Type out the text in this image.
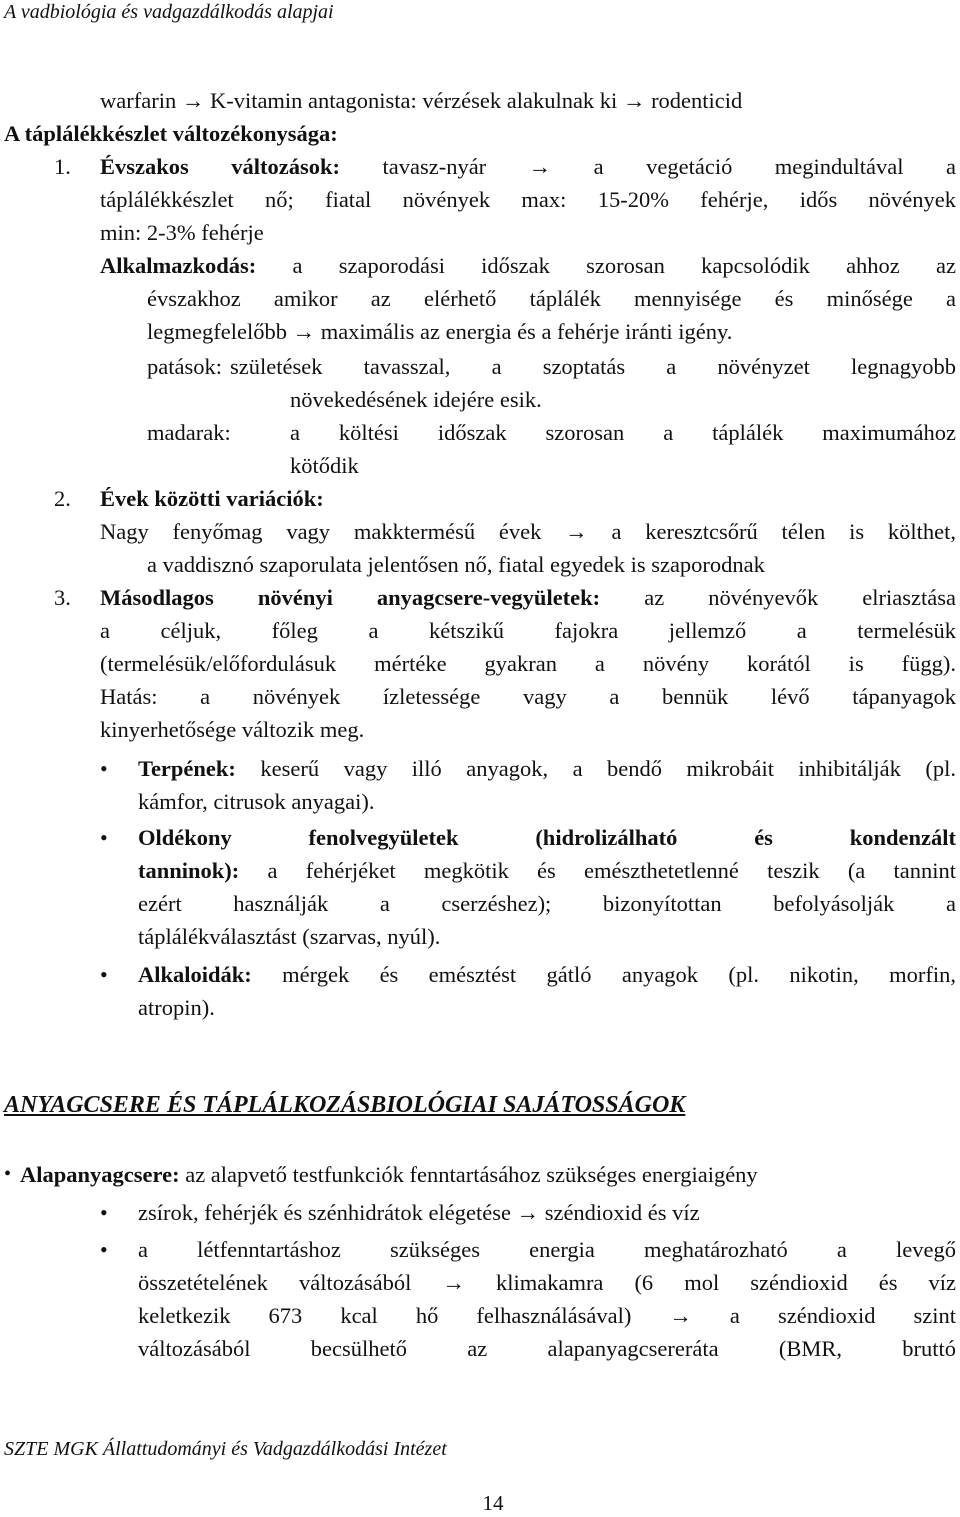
A vadbiológia és vadgazdálkodás alapjai
warfarin → K-vitamin antagonista: vérzések alakulnak ki → rodenticid
A táplálékkészlet változékonysága:
1. Évszakos változások: tavasz-nyár → a vegetáció megindultával a
táplálékkészlet nő; fiatal növények max: 15-20% fehérje, idős növények
min: 2-3% fehérje
Alkalmazkodás: a szaporodási időszak szorosan kapcsolódik ahhoz az
évszakhoz amikor az elérhető táplálék mennyisége és minősége a
legmegfelelőbb → maximális az energia és a fehérje iránti igény.
patások: születések tavasszal, a szoptatás a növényzet legnagyobb
növekedésének idejére esik.
madarak:	a költési időszak szorosan a táplálék maximumához
kötődik
2. Évek közötti variációk:
Nagy fenyőmag vagy makktermésű évek → a keresztcsőrű télen is költhet,
a vaddisznó szaporulata jelentősen nő, fiatal egyedek is szaporodnak
3. Másodlagos növényi anyagcsere-vegyületek: az növényevők elriasztása
a céljuk, főleg a kétszikű fajokra jellemző a termelésük
(termelésük/előfordulásuk mértéke gyakran a növény korától is függ).
Hatás: a növények ízletessége vagy a bennük lévő tápanyagok
kinyerhetősége változik meg.
• Terpének: keserű vagy illó anyagok, a bendő mikrobáit inhibitálják (pl.
kámfor, citrusok anyagai).
• Oldékony fenolvegyületek (hidrolizálható és kondenzált
tanninok): a fehérjéket megkötik és emészthetetlenné teszik (a tannint
ezért használják a cserzéshez); bizonyítottan befolyásolják a
táplálékválasztást (szarvas, nyúl).
• Alkaloidák: mérgek és emésztést gátló anyagok (pl. nikotin, morfin,
atropin).
ANYAGCSERE ÉS TÁPLÁLKOZÁSBIOLÓGIAI SAJÁTOSSÁGOK
• Alapanyagcsere: az alapvető testfunkciók fenntartásához szükséges energiaigény
• zsírok, fehérjék és szénhidrátok elégetése → széndioxid és víz
• a létfenntartáshoz szükséges energia meghatározható a levegő
összetételének változásából → klimakamra (6 mol széndioxid és víz
keletkezik 673 kcal hő felhasználásával) → a széndioxid szint
változásából becsülhető az alapanyagcsereráta (BMR, bruttó
SZTE MGK Állattudományi és Vadgazdálkodási Intézet
14
